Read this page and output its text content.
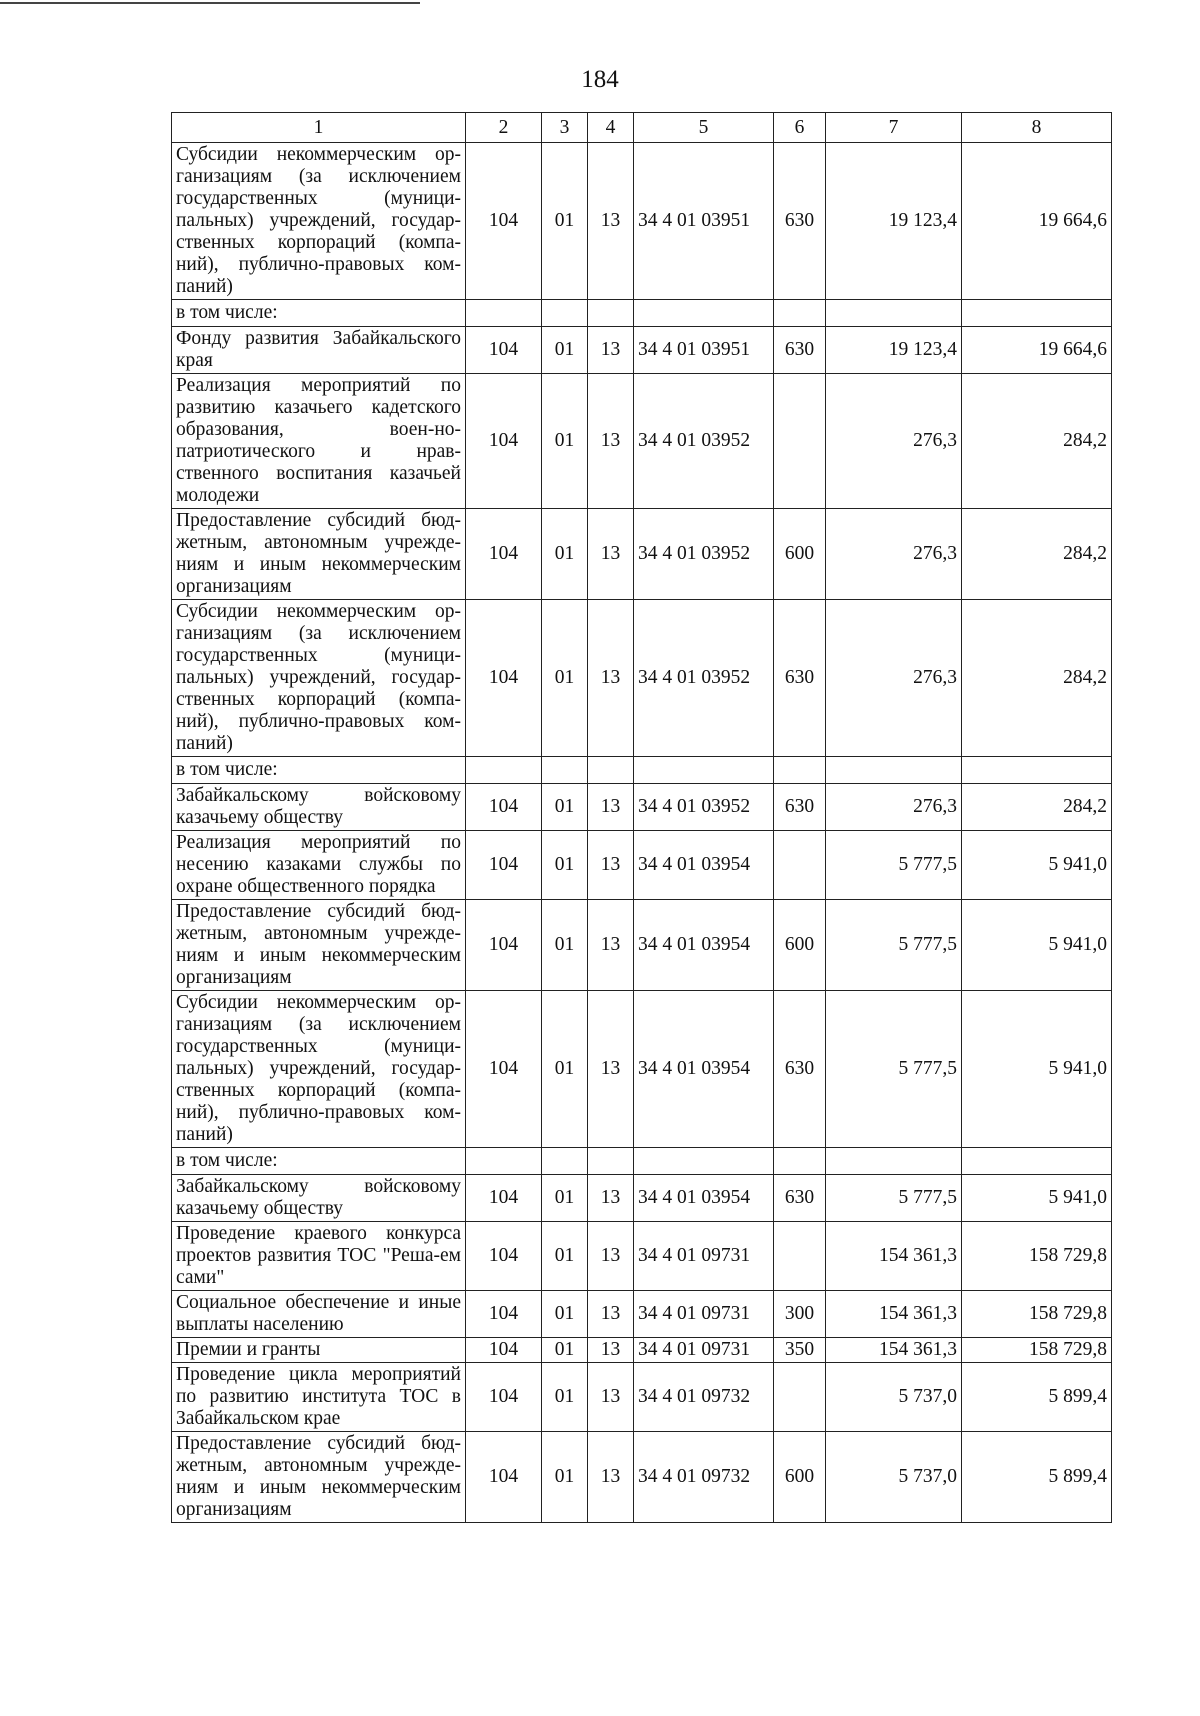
184
1	2	3	4	5	6	7	8
Субсидии некоммерческим ор-ганизациям (за исключением государственных (муници-пальных) учреждений, государ-ственных корпораций (компа-ний), публично-правовых ком-паний)	104	01	13	34 4 01 03951	630	19 123,4	19 664,6
в том числе:							
Фонду развития Забайкальского края	104	01	13	34 4 01 03951	630	19 123,4	19 664,6
Реализация мероприятий по развитию казачьего кадетского образования, воен-но-патриотического и нрав-ственного воспитания казачьей молодежи	104	01	13	34 4 01 03952		276,3	284,2
Предоставление субсидий бюд-жетным, автономным учрежде-ниям и иным некоммерческим организациям	104	01	13	34 4 01 03952	600	276,3	284,2
Субсидии некоммерческим ор-ганизациям (за исключением государственных (муници-пальных) учреждений, государ-ственных корпораций (компа-ний), публично-правовых ком-паний)	104	01	13	34 4 01 03952	630	276,3	284,2
в том числе:							
Забайкальскому войсковому казачьему обществу	104	01	13	34 4 01 03952	630	276,3	284,2
Реализация мероприятий по несению казаками службы по охране общественного порядка	104	01	13	34 4 01 03954		5 777,5	5 941,0
Предоставление субсидий бюд-жетным, автономным учрежде-ниям и иным некоммерческим организациям	104	01	13	34 4 01 03954	600	5 777,5	5 941,0
Субсидии некоммерческим ор-ганизациям (за исключением государственных (муници-пальных) учреждений, государ-ственных корпораций (компа-ний), публично-правовых ком-паний)	104	01	13	34 4 01 03954	630	5 777,5	5 941,0
в том числе:							
Забайкальскому войсковому казачьему обществу	104	01	13	34 4 01 03954	630	5 777,5	5 941,0
Проведение краевого конкурса проектов развития ТОС "Реша-ем сами"	104	01	13	34 4 01 09731		154 361,3	158 729,8
Социальное обеспечение и иные выплаты населению	104	01	13	34 4 01 09731	300	154 361,3	158 729,8
Премии и гранты	104	01	13	34 4 01 09731	350	154 361,3	158 729,8
Проведение цикла мероприятий по развитию института ТОС в Забайкальском крае	104	01	13	34 4 01 09732		5 737,0	5 899,4
Предоставление субсидий бюд-жетным, автономным учрежде-ниям и иным некоммерческим организациям	104	01	13	34 4 01 09732	600	5 737,0	5 899,4
